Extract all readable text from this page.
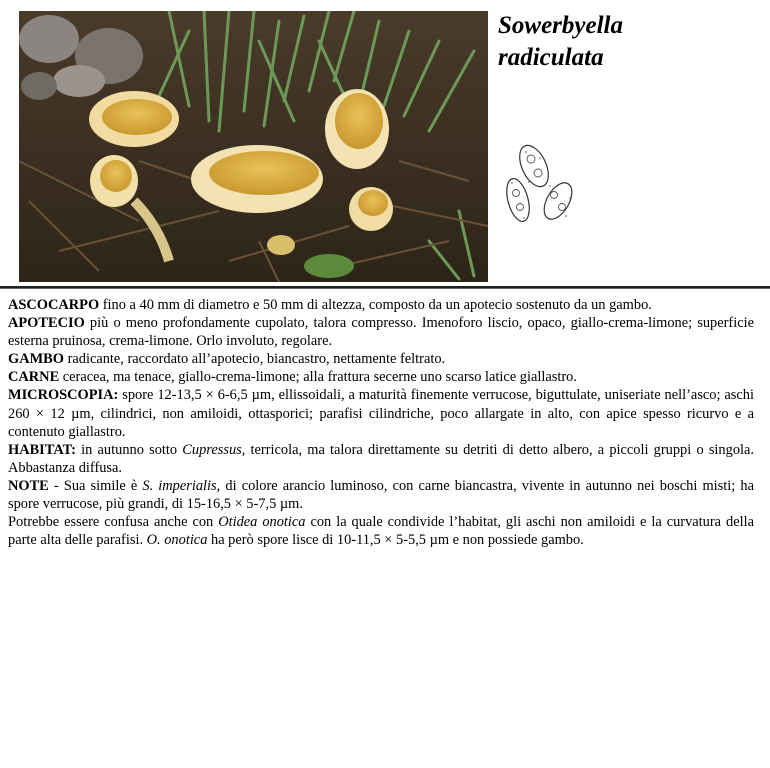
Sowerbyella
radiculata

ASCOCARPO fino a 40 mm di diametro e 50 mm di altezza, composto da un apotecio sostenuto da un gambo.

APOTECIO più o meno profondamente cupolato, talora compresso. Imenoforo liscio, opaco, giallo-crema-limone; superficie esterna pruinosa, crema-limone. Orlo involuto, regolare.

GAMBO radicante, raccordato all’apotecio, biancastro, nettamente feltrato.

CARNE ceracea, ma tenace, giallo-crema-limone; alla frattura secerne uno scarso latice giallastro.

MICROSCOPIA: spore 12-13,5 × 6-6,5 µm, ellissoidali, a maturità finemente verrucose, biguttulate, uniseriate nell’asco; aschi 260 × 12 µm, cilindrici, non amiloidi, ottasporici; parafisi cilindriche, poco allargate in alto, con apice spesso ricurvo e a contenuto giallastro.

HABITAT: in autunno sotto Cupressus, terricola, ma talora direttamente su detriti di detto albero, a piccoli gruppi o singola. Abbastanza diffusa.

NOTE - Sua simile è S. imperialis, di colore arancio luminoso, con carne biancastra, vivente in autunno nei boschi misti; ha spore verrucose, più grandi, di 15-16,5 × 5-7,5 µm.

Potrebbe essere confusa anche con Otidea onotica con la quale condivide l’habitat, gli aschi non amiloidi e la curvatura della parte alta delle parafisi. O. onotica ha però spore lisce di 10-11,5 × 5-5,5 µm e non possiede gambo.
